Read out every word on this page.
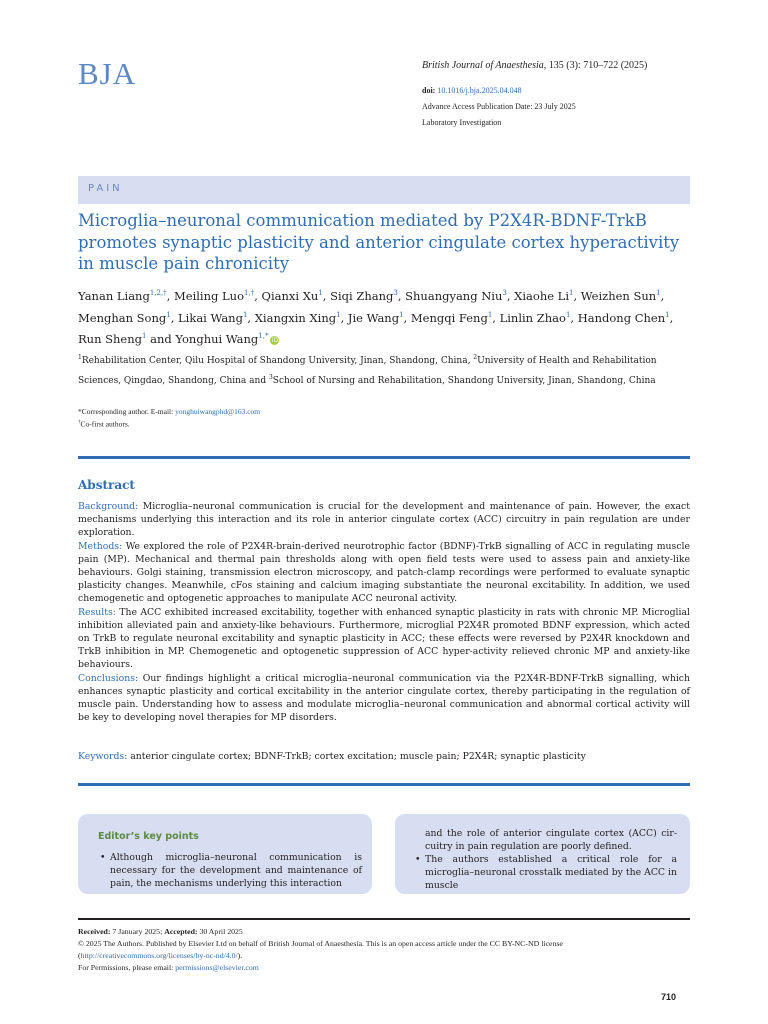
BJA	British Journal of Anaesthesia, 135 (3): 710–722 (2025)
doi: 10.1016/j.bja.2025.04.048
Advance Access Publication Date: 23 July 2025
Laboratory Investigation
PAIN
Microglia–neuronal communication mediated by P2X4R-BDNF-TrkB promotes synaptic plasticity and anterior cingulate cortex hyperactivity in muscle pain chronicity
Yanan Liang$^{1,2,\dagger}$, Meiling Luo$^{1,\dagger}$, Qianxi Xu$^1$, Siqi Zhang$^3$, Shuangyang Niu$^3$, Xiaohe Li$^1$, Weizhen Sun$^1$, Menghan Song$^1$, Likai Wang$^1$, Xiangxin Xing$^1$, Jie Wang$^1$, Mengqi Feng$^1$, Linlin Zhao$^1$, Handong Chen$^1$, Run Sheng$^1$ and Yonghui Wang$^{1,*}$iD
$^1$Rehabilitation Center, Qilu Hospital of Shandong University, Jinan, Shandong, China, $^2$University of Health and Rehabilitation Sciences, Qingdao, Shandong, China and $^3$School of Nursing and Rehabilitation, Shandong University, Jinan, Shandong, China
*Corresponding author. E-mail: yonghuiwangphd@163.com
†Co-first authors.
Abstract

Background: Microglia–neuronal communication is crucial for the development and maintenance of pain. However, the exact mechanisms underlying this interaction and its role in anterior cingulate cortex (ACC) circuitry in pain regulation are under exploration.

Methods: We explored the role of P2X4R-brain-derived neurotrophic factor (BDNF)-TrkB signalling of ACC in regulating muscle pain (MP). Mechanical and thermal pain thresholds along with open field tests were used to assess pain and anxiety-like behaviours. Golgi staining, transmission electron microscopy, and patch-clamp recordings were performed to evaluate synaptic plasticity changes. Meanwhile, cFos staining and calcium imaging substantiate the neuronal excitability. In addition, we used chemogenetic and optogenetic approaches to manipulate ACC neuronal activity.

Results: The ACC exhibited increased excitability, together with enhanced synaptic plasticity in rats with chronic MP. Microglial inhibition alleviated pain and anxiety-like behaviours. Furthermore, microglial P2X4R promoted BDNF expression, which acted on TrkB to regulate neuronal excitability and synaptic plasticity in ACC; these effects were reversed by P2X4R knockdown and TrkB inhibition in MP. Chemogenetic and optogenetic suppression of ACC hyper-activity relieved chronic MP and anxiety-like behaviours.

Conclusions: Our findings highlight a critical microglia–neuronal communication via the P2X4R-BDNF-TrkB signalling, which enhances synaptic plasticity and cortical excitability in the anterior cingulate cortex, thereby participating in the regulation of muscle pain. Understanding how to assess and modulate microglia–neuronal communication and abnormal cortical activity will be key to developing novel therapies for MP disorders.

Keywords: anterior cingulate cortex; BDNF-TrkB; cortex excitation; muscle pain; P2X4R; synaptic plasticity
Editor’s key points
• Although microglia–neuronal communication is necessary for the development and maintenance of pain, the mechanisms underlying this interaction
and the role of anterior cingulate cortex (ACC) cir-cuitry in pain regulation are poorly defined.
• The authors established a critical role for a microglia–neuronal crosstalk mediated by the ACC in muscle
Received: 7 January 2025; Accepted: 30 April 2025
© 2025 The Authors. Published by Elsevier Ltd on behalf of British Journal of Anaesthesia. This is an open access article under the CC BY-NC-ND license
(http://creativecommons.org/licenses/by-nc-nd/4.0/).
For Permissions, please email: permissions@elsevier.com
710
